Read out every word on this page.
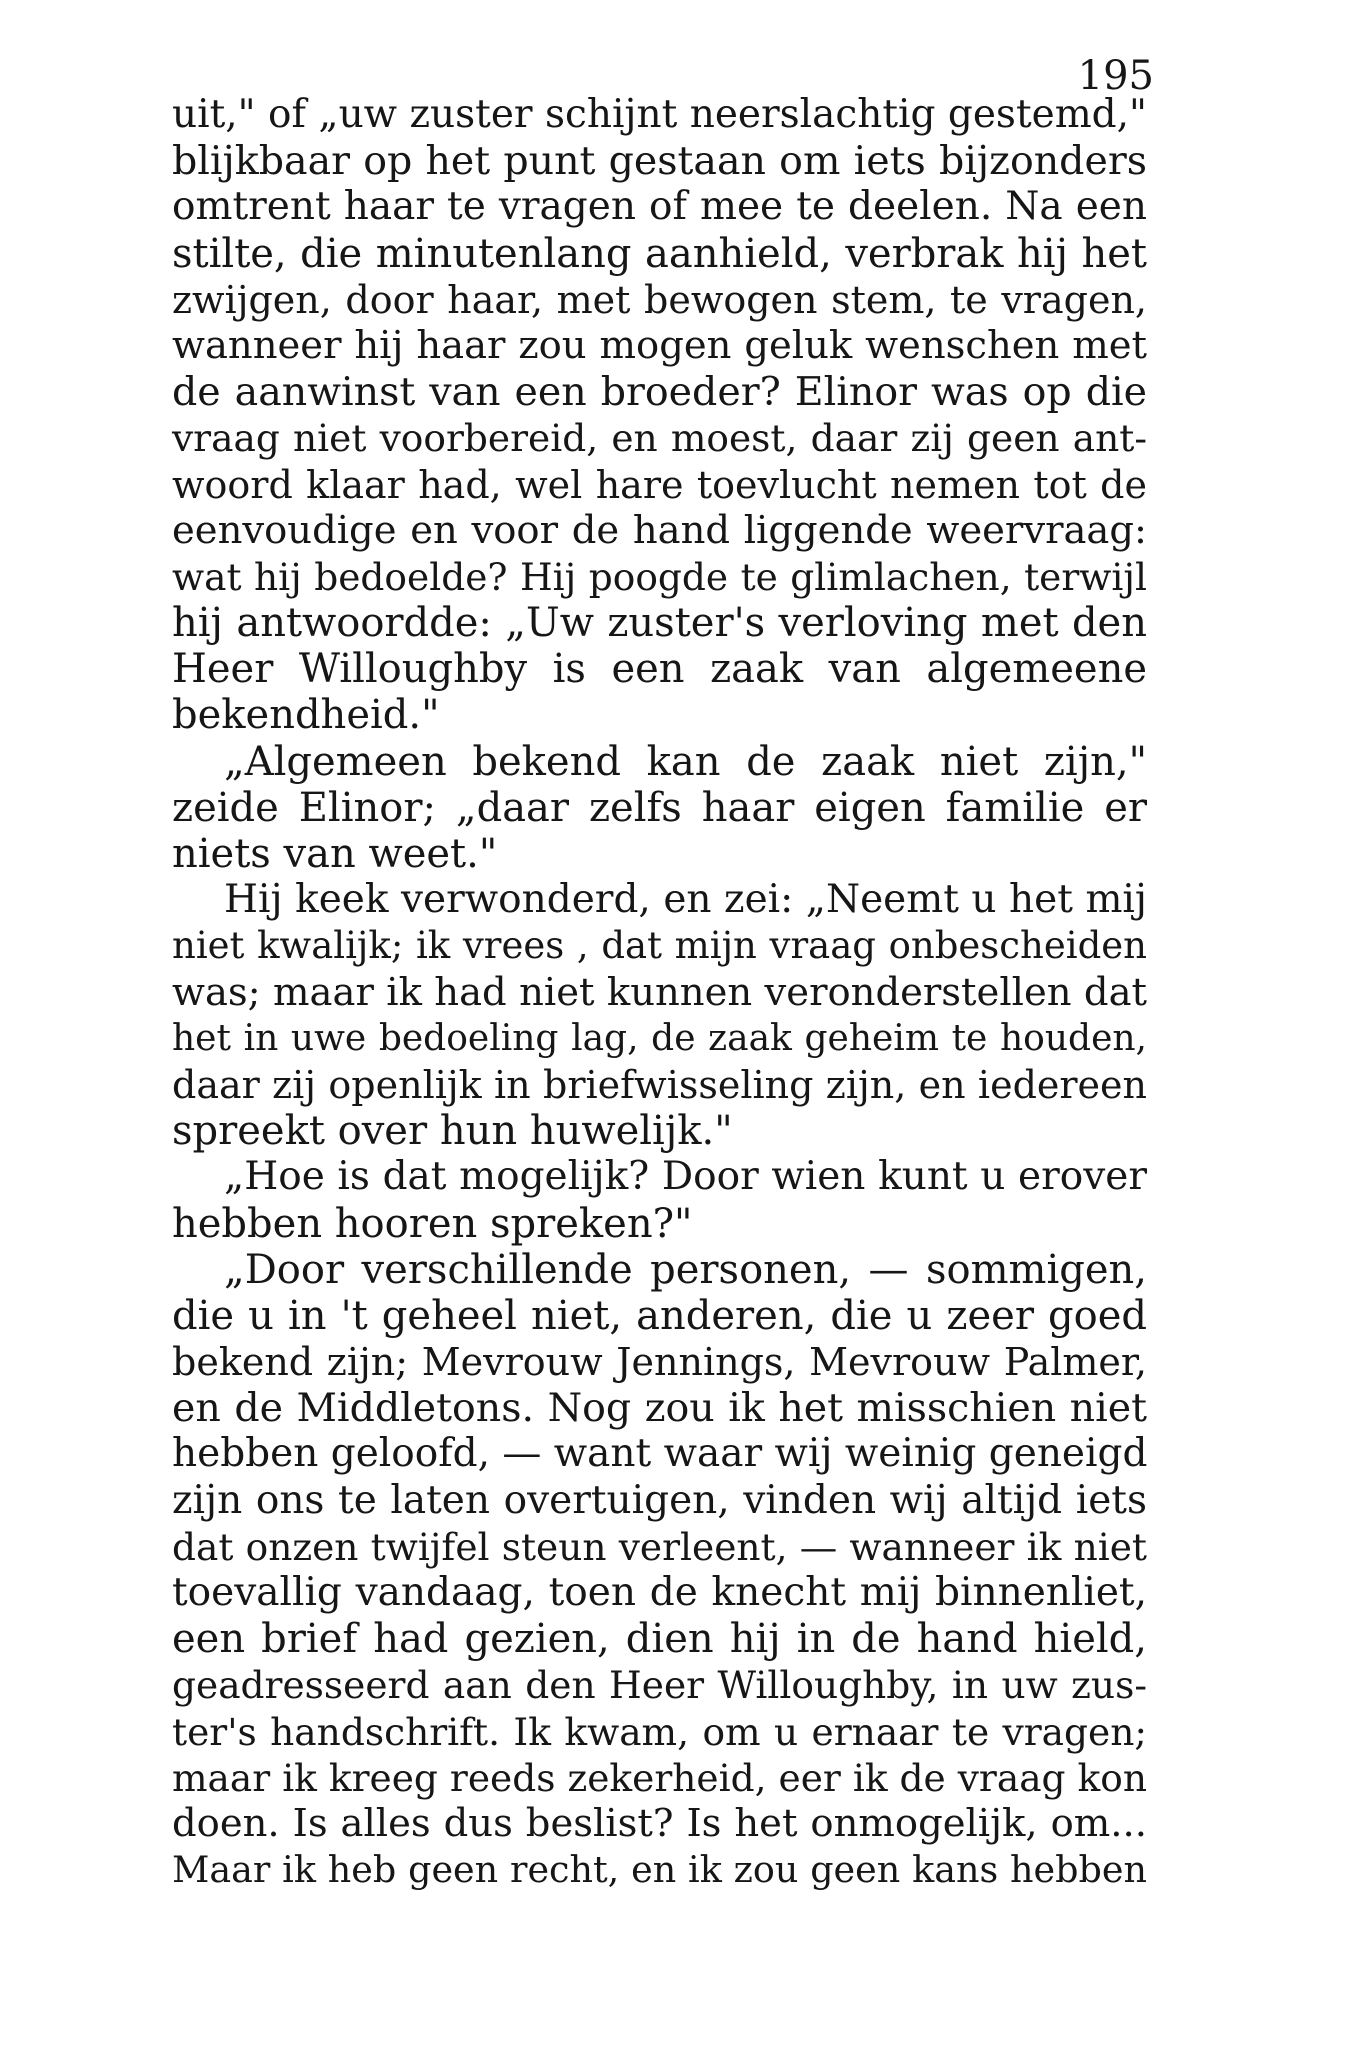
195
uit," of „uw zuster schijnt neerslachtig gestemd,"
blijkbaar op het punt gestaan om iets bijzonders
omtrent haar te vragen of mee te deelen. Na een
stilte, die minutenlang aanhield, verbrak hij het
zwijgen, door haar, met bewogen stem, te vragen,
wanneer hij haar zou mogen geluk wenschen met
de aanwinst van een broeder? Elinor was op die
vraag niet voorbereid, en moest, daar zij geen ant-
woord klaar had, wel hare toevlucht nemen tot de
eenvoudige en voor de hand liggende weervraag:
wat hij bedoelde? Hij poogde te glimlachen, terwijl
hij antwoordde: „Uw zuster's verloving met den
Heer Willoughby is een zaak van algemeene
bekendheid."
„Algemeen bekend kan de zaak niet zijn,"
zeide Elinor; „daar zelfs haar eigen familie er
niets van weet."
Hij keek verwonderd, en zei: „Neemt u het mij
niet kwalijk; ik vrees , dat mijn vraag onbescheiden
was; maar ik had niet kunnen veronderstellen dat
het in uwe bedoeling lag, de zaak geheim te houden,
daar zij openlijk in briefwisseling zijn, en iedereen
spreekt over hun huwelijk."
„Hoe is dat mogelijk? Door wien kunt u erover
hebben hooren spreken?"
„Door verschillende personen, — sommigen,
die u in 't geheel niet, anderen, die u zeer goed
bekend zijn; Mevrouw Jennings, Mevrouw Palmer,
en de Middletons. Nog zou ik het misschien niet
hebben geloofd, — want waar wij weinig geneigd
zijn ons te laten overtuigen, vinden wij altijd iets
dat onzen twijfel steun verleent, — wanneer ik niet
toevallig vandaag, toen de knecht mij binnenliet,
een brief had gezien, dien hij in de hand hield,
geadresseerd aan den Heer Willoughby, in uw zus-
ter's handschrift. Ik kwam, om u ernaar te vragen;
maar ik kreeg reeds zekerheid, eer ik de vraag kon
doen. Is alles dus beslist? Is het onmogelijk, om...
Maar ik heb geen recht, en ik zou geen kans hebben
